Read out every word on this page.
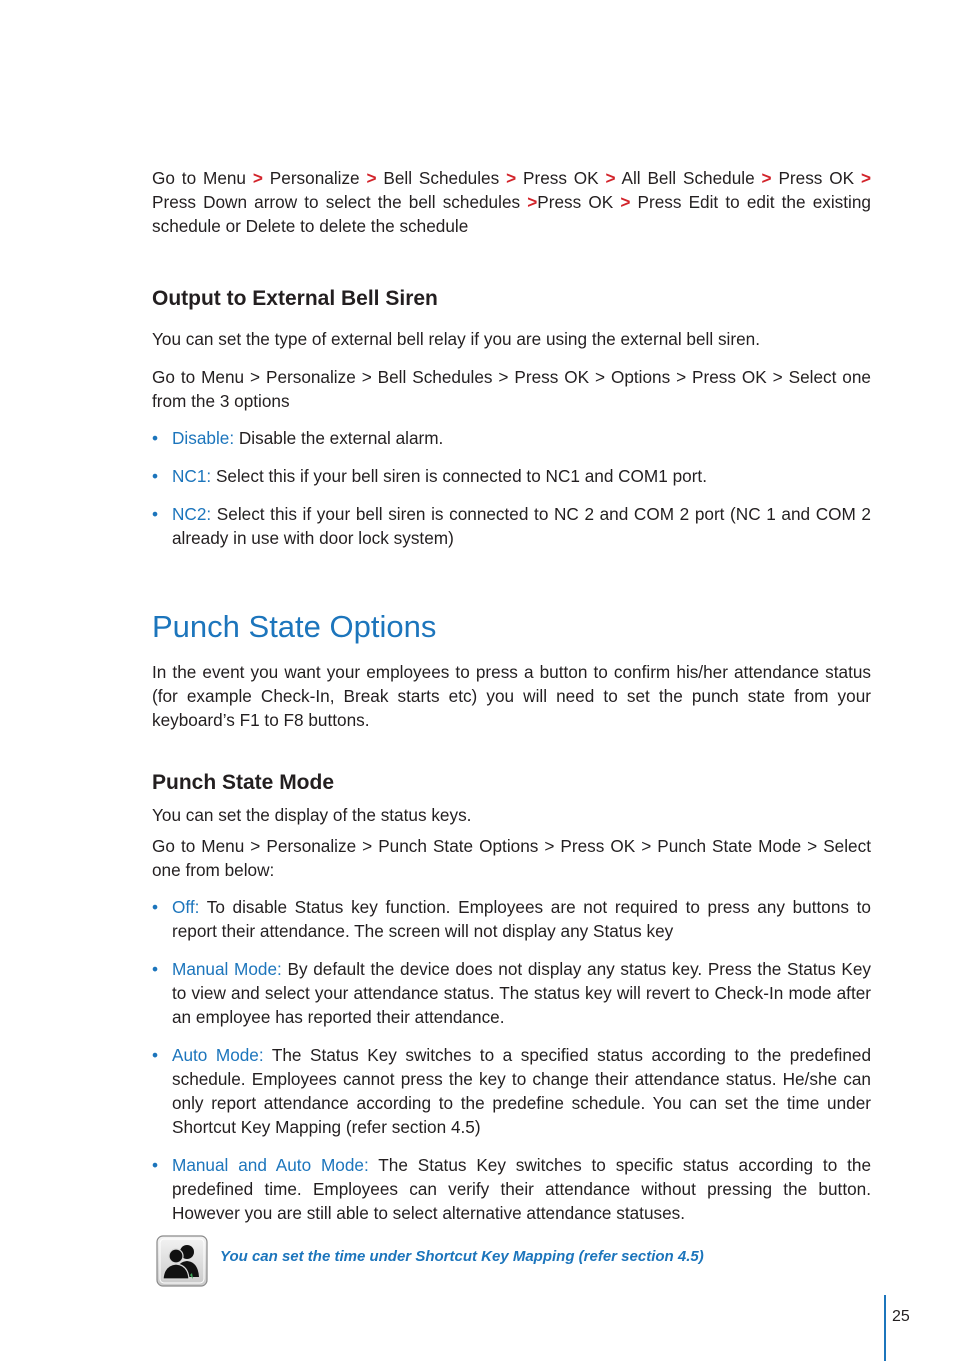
Go to Menu > Personalize > Bell Schedules > Press OK > All Bell Schedule > Press OK > Press Down arrow to select the bell schedules >Press OK > Press Edit to edit the existing schedule or Delete to delete the schedule

Output to External Bell Siren

You can set the type of external bell relay if you are using the external bell siren.

Go to Menu > Personalize > Bell Schedules > Press OK > Options > Press OK > Select one from the 3 options

• Disable: Disable the external alarm.
• NC1: Select this if your bell siren is connected to NC1 and COM1 port.
• NC2: Select this if your bell siren is connected to NC 2 and COM 2 port (NC 1 and COM 2 already in use with door lock system)
Punch State Options

In the event you want your employees to press a button to confirm his/her attendance status (for example Check-In, Break starts etc) you will need to set the punch state from your keyboard’s F1 to F8 buttons.

Punch State Mode

You can set the display of the status keys.

Go to Menu > Personalize > Punch State Options > Press OK > Punch State Mode > Select one from below:

• Off: To disable Status key function. Employees are not required to press any buttons to report their attendance. The screen will not display any Status key
• Manual Mode: By default the device does not display any status key. Press the Status Key to view and select your attendance status. The status key will revert to Check-In mode after an employee has reported their attendance.
• Auto Mode: The Status Key switches to a specified status according to the predefined schedule. Employees cannot press the key to change their attendance status. He/she can only report attendance according to the predefine schedule. You can set the time under Shortcut Key Mapping (refer section 4.5)
• Manual and Auto Mode: The Status Key switches to specific status according to the predefined time. Employees can verify their attendance without pressing the button. However you are still able to select alternative attendance statuses.
You can set the time under Shortcut Key Mapping (refer section 4.5)
25
